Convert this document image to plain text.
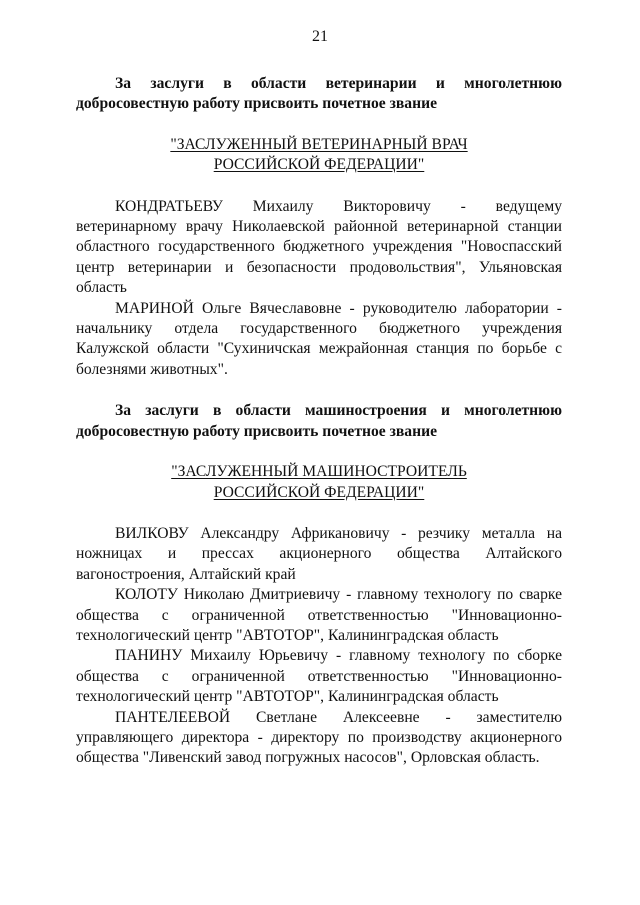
21

За заслуги в области ветеринарии и многолетнюю добросовестную работу присвоить почетное звание

"ЗАСЛУЖЕННЫЙ ВЕТЕРИНАРНЫЙ ВРАЧ
РОССИЙСКОЙ ФЕДЕРАЦИИ"

КОНДРАТЬЕВУ Михаилу Викторовичу - ведущему ветеринарному врачу Николаевской районной ветеринарной станции областного государственного бюджетного учреждения "Новоспасский центр ветеринарии и безопасности продовольствия", Ульяновская область

МАРИНОЙ Ольге Вячеславовне - руководителю лаборатории - начальнику отдела государственного бюджетного учреждения Калужской области "Сухиничская межрайонная станция по борьбе с болезнями животных".

За заслуги в области машиностроения и многолетнюю добросовестную работу присвоить почетное звание

"ЗАСЛУЖЕННЫЙ МАШИНОСТРОИТЕЛЬ
РОССИЙСКОЙ ФЕДЕРАЦИИ"

ВИЛКОВУ Александру Африкановичу - резчику металла на ножницах и прессах акционерного общества Алтайского вагоностроения, Алтайский край

КОЛОТУ Николаю Дмитриевичу - главному технологу по сварке общества с ограниченной ответственностью "Инновационно-технологический центр "АВТОТОР", Калининградская область

ПАНИНУ Михаилу Юрьевичу - главному технологу по сборке общества с ограниченной ответственностью "Инновационно-технологический центр "АВТОТОР", Калининградская область

ПАНТЕЛЕЕВОЙ Светлане Алексеевне - заместителю управляющего директора - директору по производству акционерного общества "Ливенский завод погружных насосов", Орловская область.
